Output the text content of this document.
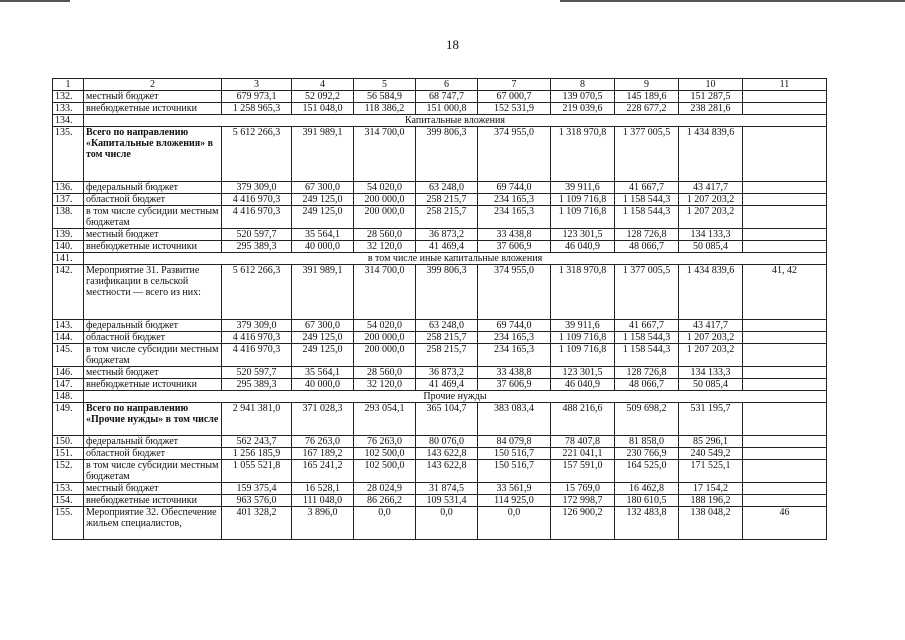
18
1	2	3	4	5	6	7	8	9	10	11
132.	местный бюджет	679 973,1	52 092,2	56 584,9	68 747,7	67 000,7	139 070,5	145 189,6	151 287,5	
133.	внебюджетные источники	1 258 965,3	151 048,0	118 386,2	151 000,8	152 531,9	219 039,6	228 677,2	238 281,6	
134.	Капитальные вложения									
135.	Всего по направлению «Капитальные вложения» в том числе	5 612 266,3	391 989,1	314 700,0	399 806,3	374 955,0	1 318 970,8	1 377 005,5	1 434 839,6	
136.	федеральный бюджет	379 309,0	67 300,0	54 020,0	63 248,0	69 744,0	39 911,6	41 667,7	43 417,7	
137.	областной бюджет	4 416 970,3	249 125,0	200 000,0	258 215,7	234 165,3	1 109 716,8	1 158 544,3	1 207 203,2	
138.	в том числе субсидии местным бюджетам	4 416 970,3	249 125,0	200 000,0	258 215,7	234 165,3	1 109 716,8	1 158 544,3	1 207 203,2	
139.	местный бюджет	520 597,7	35 564,1	28 560,0	36 873,2	33 438,8	123 301,5	128 726,8	134 133,3	
140.	внебюджетные источники	295 389,3	40 000,0	32 120,0	41 469,4	37 606,9	46 040,9	48 066,7	50 085,4	
141.	в том числе иные капитальные вложения									
142.	Мероприятие 31. Развитие газификации в сельской местности — всего из них:	5 612 266,3	391 989,1	314 700,0	399 806,3	374 955,0	1 318 970,8	1 377 005,5	1 434 839,6	41, 42
143.	федеральный бюджет	379 309,0	67 300,0	54 020,0	63 248,0	69 744,0	39 911,6	41 667,7	43 417,7	
144.	областной бюджет	4 416 970,3	249 125,0	200 000,0	258 215,7	234 165,3	1 109 716,8	1 158 544,3	1 207 203,2	
145.	в том числе субсидии местным бюджетам	4 416 970,3	249 125,0	200 000,0	258 215,7	234 165,3	1 109 716,8	1 158 544,3	1 207 203,2	
146.	местный бюджет	520 597,7	35 564,1	28 560,0	36 873,2	33 438,8	123 301,5	128 726,8	134 133,3	
147.	внебюджетные источники	295 389,3	40 000,0	32 120,0	41 469,4	37 606,9	46 040,9	48 066,7	50 085,4	
148.	Прочие нужды									
149.	Всего по направлению «Прочие нужды» в том числе	2 941 381,0	371 028,3	293 054,1	365 104,7	383 083,4	488 216,6	509 698,2	531 195,7	
150.	федеральный бюджет	562 243,7	76 263,0	76 263,0	80 076,0	84 079,8	78 407,8	81 858,0	85 296,1	
151.	областной бюджет	1 256 185,9	167 189,2	102 500,0	143 622,8	150 516,7	221 041,1	230 766,9	240 549,2	
152.	в том числе субсидии местным бюджетам	1 055 521,8	165 241,2	102 500,0	143 622,8	150 516,7	157 591,0	164 525,0	171 525,1	
153.	местный бюджет	159 375,4	16 528,1	28 024,9	31 874,5	33 561,9	15 769,0	16 462,8	17 154,2	
154.	внебюджетные источники	963 576,0	111 048,0	86 266,2	109 531,4	114 925,0	172 998,7	180 610,5	188 196,2	
155.	Мероприятие 32. Обеспечение жильем специалистов,	401 328,2	3 896,0	0,0	0,0	0,0	126 900,2	132 483,8	138 048,2	46
